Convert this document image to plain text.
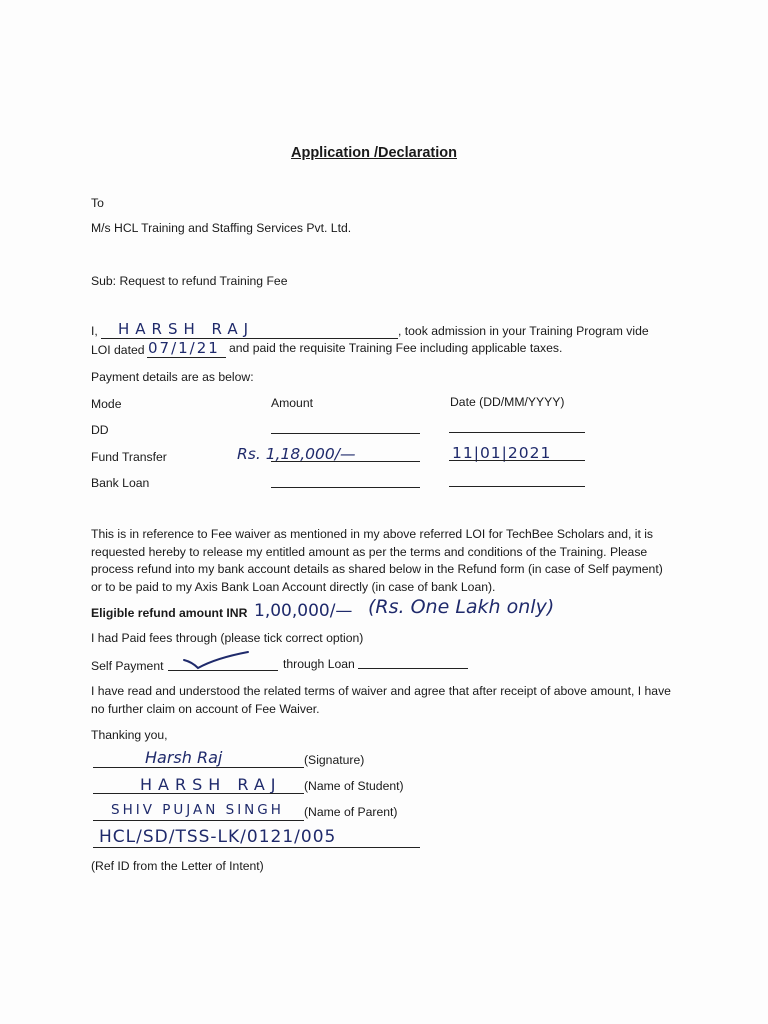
Application /Declaration
To
M/s HCL Training and Staffing Services Pvt. Ltd.
Sub: Request to refund Training Fee
I, HARSH RAJ	, took admission in your Training Program vide
LOI dated 07/1/21 and paid the requisite Training Fee including applicable taxes.
Payment details are as below:
Mode	Amount	Date (DD/MM/YYYY)
DD
Fund Transfer	Rs. 1,18,000/—	11|01|2021
Bank Loan
This is in reference to Fee waiver as mentioned in my above referred LOI for TechBee Scholars and, it is requested hereby to release my entitled amount as per the terms and conditions of the Training. Please process refund into my bank account details as shared below in the Refund form (in case of Self payment) or to be paid to my Axis Bank Loan Account directly (in case of bank Loan).
Eligible refund amount INR 1,00,000/— (Rs. One Lakh only)
I had Paid fees through (please tick correct option)
Self Payment	through Loan
I have read and understood the related terms of waiver and agree that after receipt of above amount, I have no further claim on account of Fee Waiver.
Thanking you,
Harsh Raj	(Signature)
HARSH RAJ (Name of Student)
SHIV PUJAN SINGH (Name of Parent)
HCL/SD/TSS-LK/0121/005
(Ref ID from the Letter of Intent)
